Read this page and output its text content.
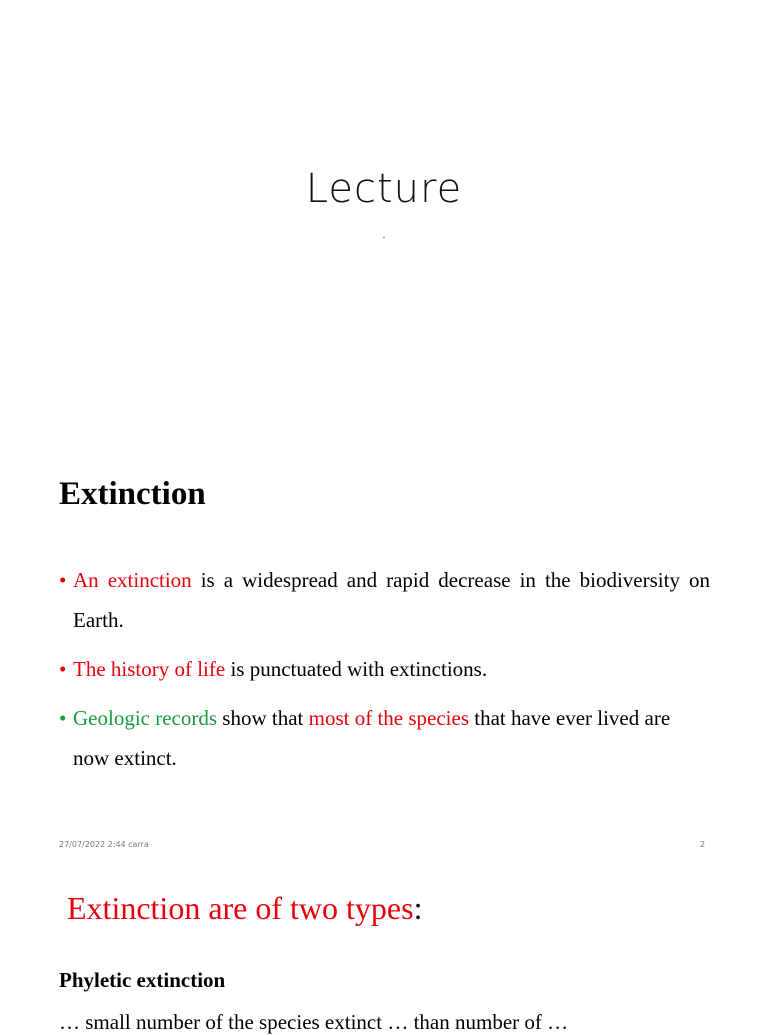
Lecture
.
Extinction
• An extinction is a widespread and rapid decrease in the biodiversity on Earth.
• The history of life is punctuated with extinctions.
• Geologic records show that most of the species that have ever lived are now extinct.
27/07/2022 2:44 carra	2
Extinction are of two types:
Phyletic extinction
… small number of the species extinct … than number of …
